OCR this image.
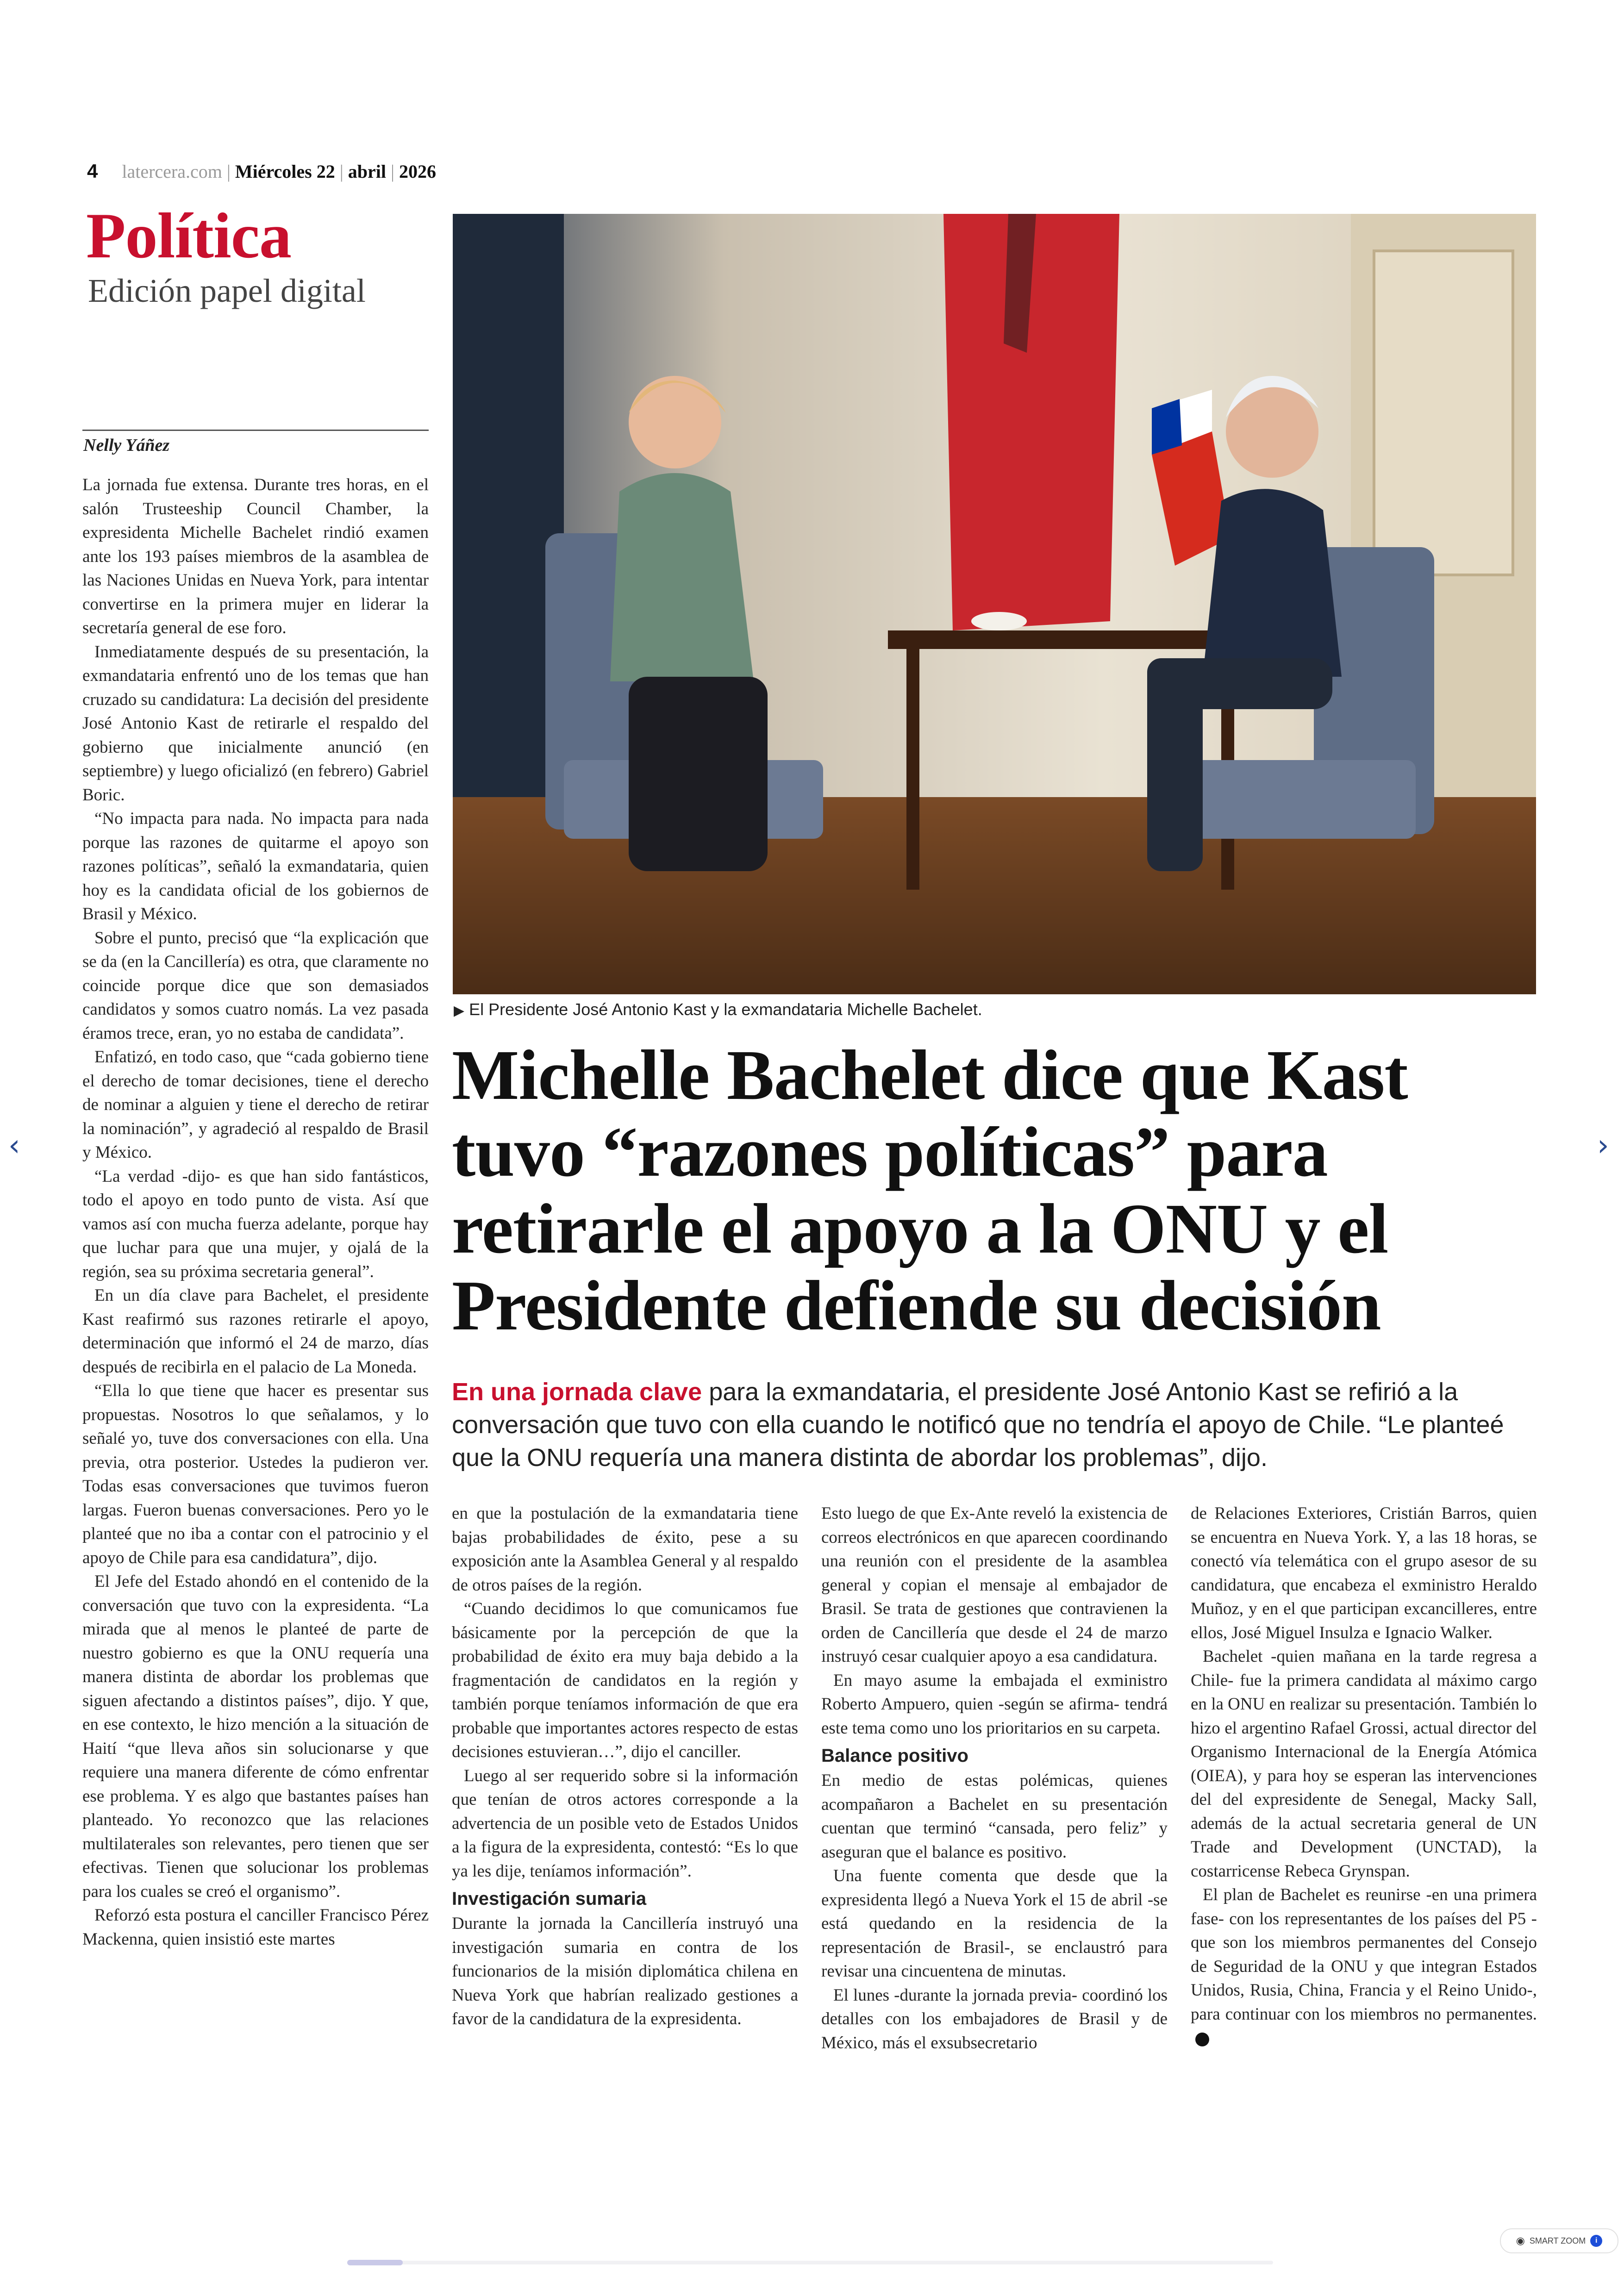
4 latercera.com | Miércoles 22 | abril | 2026
Política
Edición papel digital
Nelly Yáñez
▶ El Presidente José Antonio Kast y la exmandataria Michelle Bachelet.
Michelle Bachelet dice que Kast tuvo “razones políticas” para retirarle el apoyo a la ONU y el Presidente defiende su decisión
En una jornada clave para la exmandataria, el presidente José Antonio Kast se refirió a la conversación que tuvo con ella cuando le notificó que no tendría el apoyo de Chile. “Le planteé que la ONU requería una manera distinta de abordar los problemas”, dijo.

La jornada fue extensa. Durante tres horas, en el salón Trusteeship Council Chamber, la expresidenta Michelle Bachelet rindió examen ante los 193 países miembros de la asamblea de las Naciones Unidas en Nueva York, para intentar convertirse en la primera mujer en liderar la secretaría general de ese foro.

Inmediatamente después de su presentación, la exmandataria enfrentó uno de los temas que han cruzado su candidatura: La decisión del presidente José Antonio Kast de retirarle el respaldo del gobierno que inicialmente anunció (en septiembre) y luego oficializó (en febrero) Gabriel Boric.

“No impacta para nada. No impacta para nada porque las razones de quitarme el apoyo son razones políticas”, señaló la exmandataria, quien hoy es la candidata oficial de los gobiernos de Brasil y México.

Sobre el punto, precisó que “la explicación que se da (en la Cancillería) es otra, que claramente no coincide porque dice que son demasiados candidatos y somos cuatro nomás. La vez pasada éramos trece, eran, yo no estaba de candidata”.

Enfatizó, en todo caso, que “cada gobierno tiene el derecho de tomar decisiones, tiene el derecho de nominar a alguien y tiene el derecho de retirar la nominación”, y agradeció al respaldo de Brasil y México.

“La verdad -dijo- es que han sido fantásticos, todo el apoyo en todo punto de vista. Así que vamos así con mucha fuerza adelante, porque hay que luchar para que una mujer, y ojalá de la región, sea su próxima secretaria general”.

En un día clave para Bachelet, el presidente Kast reafirmó sus razones retirarle el apoyo, determinación que informó el 24 de marzo, días después de recibirla en el palacio de La Moneda.

“Ella lo que tiene que hacer es presentar sus propuestas. Nosotros lo que señalamos, y lo señalé yo, tuve dos conversaciones con ella. Una previa, otra posterior. Ustedes la pudieron ver. Todas esas conversaciones que tuvimos fueron largas. Fueron buenas conversaciones. Pero yo le planteé que no iba a contar con el patrocinio y el apoyo de Chile para esa candidatura”, dijo.

El Jefe del Estado ahondó en el contenido de la conversación que tuvo con la expresidenta. “La mirada que al menos le planteé de parte de nuestro gobierno es que la ONU requería una manera distinta de abordar los problemas que siguen afectando a distintos países”, dijo. Y que, en ese contexto, le hizo mención a la situación de Haití “que lleva años sin solucionarse y que requiere una manera diferente de cómo enfrentar ese problema. Y es algo que bastantes países han planteado. Yo reconozco que las relaciones multilaterales son relevantes, pero tienen que ser efectivas. Tienen que solucionar los problemas para los cuales se creó el organismo”.

Reforzó esta postura el canciller Francisco Pérez Mackenna, quien insistió este martes

en que la postulación de la exmandataria tiene bajas probabilidades de éxito, pese a su exposición ante la Asamblea General y al respaldo de otros países de la región.

“Cuando decidimos lo que comunicamos fue básicamente por la percepción de que la probabilidad de éxito era muy baja debido a la fragmentación de candidatos en la región y también porque teníamos información de que era probable que importantes actores respecto de estas decisiones estuvieran…”, dijo el canciller.

Luego al ser requerido sobre si la información que tenían de otros actores corresponde a la advertencia de un posible veto de Estados Unidos a la figura de la expresidenta, contestó: “Es lo que ya les dije, teníamos información”.

Investigación sumaria

Durante la jornada la Cancillería instruyó una investigación sumaria en contra de los funcionarios de la misión diplomática chilena en Nueva York que habrían realizado gestiones a favor de la candidatura de la expresidenta.

Esto luego de que Ex-Ante reveló la existencia de correos electrónicos en que aparecen coordinando una reunión con el presidente de la asamblea general y copian el mensaje al embajador de Brasil. Se trata de gestiones que contravienen la orden de Cancillería que desde el 24 de marzo instruyó cesar cualquier apoyo a esa candidatura.

En mayo asume la embajada el exministro Roberto Ampuero, quien -según se afirma- tendrá este tema como uno los prioritarios en su carpeta.

Balance positivo

En medio de estas polémicas, quienes acompañaron a Bachelet en su presentación cuentan que terminó “cansada, pero feliz” y aseguran que el balance es positivo.

Una fuente comenta que desde que la expresidenta llegó a Nueva York el 15 de abril -se está quedando en la residencia de la representación de Brasil-, se enclaustró para revisar una cincuentena de minutas.

El lunes -durante la jornada previa- coordinó los detalles con los embajadores de Brasil y de México, más el exsubsecretario

de Relaciones Exteriores, Cristián Barros, quien se encuentra en Nueva York. Y, a las 18 horas, se conectó vía telemática con el grupo asesor de su candidatura, que encabeza el exministro Heraldo Muñoz, y en el que participan excancilleres, entre ellos, José Miguel Insulza e Ignacio Walker.

Bachelet -quien mañana en la tarde regresa a Chile- fue la primera candidata al máximo cargo en la ONU en realizar su presentación. También lo hizo el argentino Rafael Grossi, actual director del Organismo Internacional de la Energía Atómica (OIEA), y para hoy se esperan las intervenciones del del expresidente de Senegal, Macky Sall, además de la actual secretaria general de UN Trade and Development (UNCTAD), la costarricense Rebeca Grynspan.

El plan de Bachelet es reunirse -en una primera fase- con los representantes de los países del P5 -que son los miembros permanentes del Consejo de Seguridad de la ONU y que integran Estados Unidos, Rusia, China, Francia y el Reino Unido-, para continuar con los miembros no permanentes.

‹	›
◉ SMART ZOOM	i
